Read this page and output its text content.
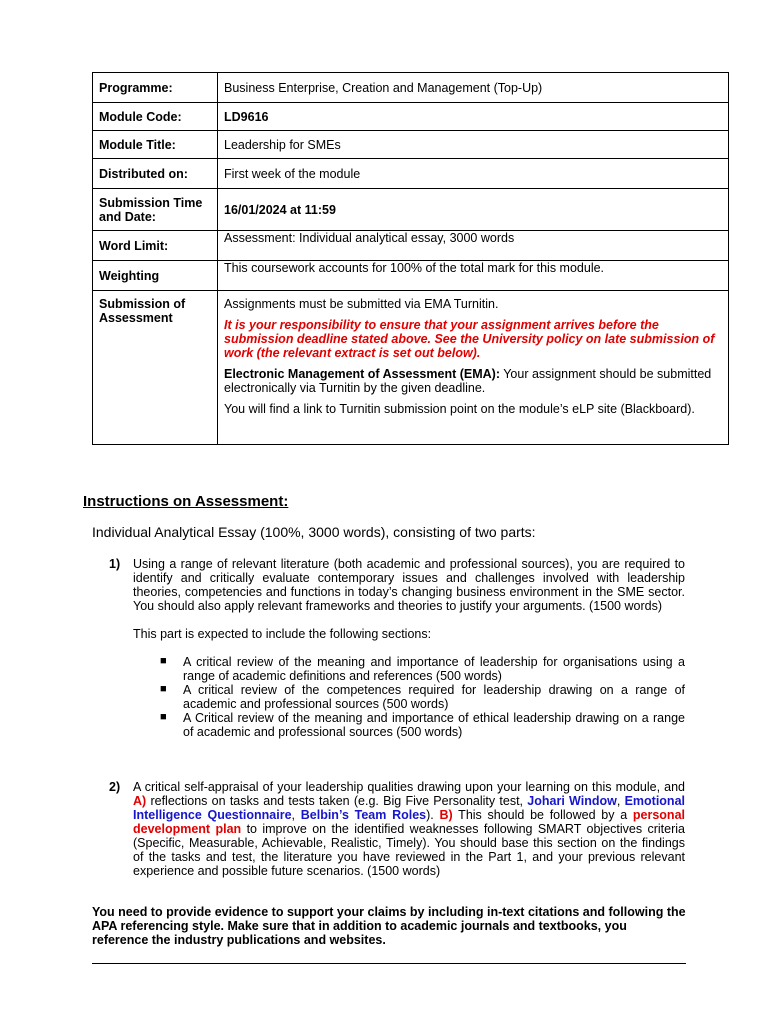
Programme:	Business Enterprise, Creation and Management (Top-Up)
Module Code:	LD9616
Module Title:	Leadership for SMEs
Distributed on:	First week of the module
Submission Time and Date:	16/01/2024 at 11:59
Word Limit:	Assessment: Individual analytical essay, 3000 words
Weighting	This coursework accounts for 100% of the total mark for this module.
Submission of Assessment	Assignments must be submitted via EMA Turnitin.

It is your responsibility to ensure that your assignment arrives before the submission deadline stated above. See the University policy on late submission of work (the relevant extract is set out below).

Electronic Management of Assessment (EMA): Your assignment should be submitted electronically via Turnitin by the given deadline.

You will find a link to Turnitin submission point on the module’s eLP site (Blackboard).

Instructions on Assessment:

Individual Analytical Essay (100%, 3000 words), consisting of two parts:

1) Using a range of relevant literature (both academic and professional sources), you are required to identify and critically evaluate contemporary issues and challenges involved with leadership theories, competencies and functions in today’s changing business environment in the SME sector. You should also apply relevant frameworks and theories to justify your arguments. (1500 words)

This part is expected to include the following sections:

■ A critical review of the meaning and importance of leadership for organisations using a range of academic definitions and references (500 words)
■ A critical review of the competences required for leadership drawing on a range of academic and professional sources (500 words)
■ A Critical review of the meaning and importance of ethical leadership drawing on a range of academic and professional sources (500 words)
2) A critical self-appraisal of your leadership qualities drawing upon your learning on this module, and A) reflections on tasks and tests taken (e.g. Big Five Personality test, Johari Window, Emotional Intelligence Questionnaire, Belbin’s Team Roles). B) This should be followed by a personal development plan to improve on the identified weaknesses following SMART objectives criteria (Specific, Measurable, Achievable, Realistic, Timely). You should base this section on the findings of the tasks and test, the literature you have reviewed in the Part 1, and your previous relevant experience and possible future scenarios. (1500 words)

You need to provide evidence to support your claims by including in-text citations and following the APA referencing style. Make sure that in addition to academic journals and textbooks, you reference the industry publications and websites.
